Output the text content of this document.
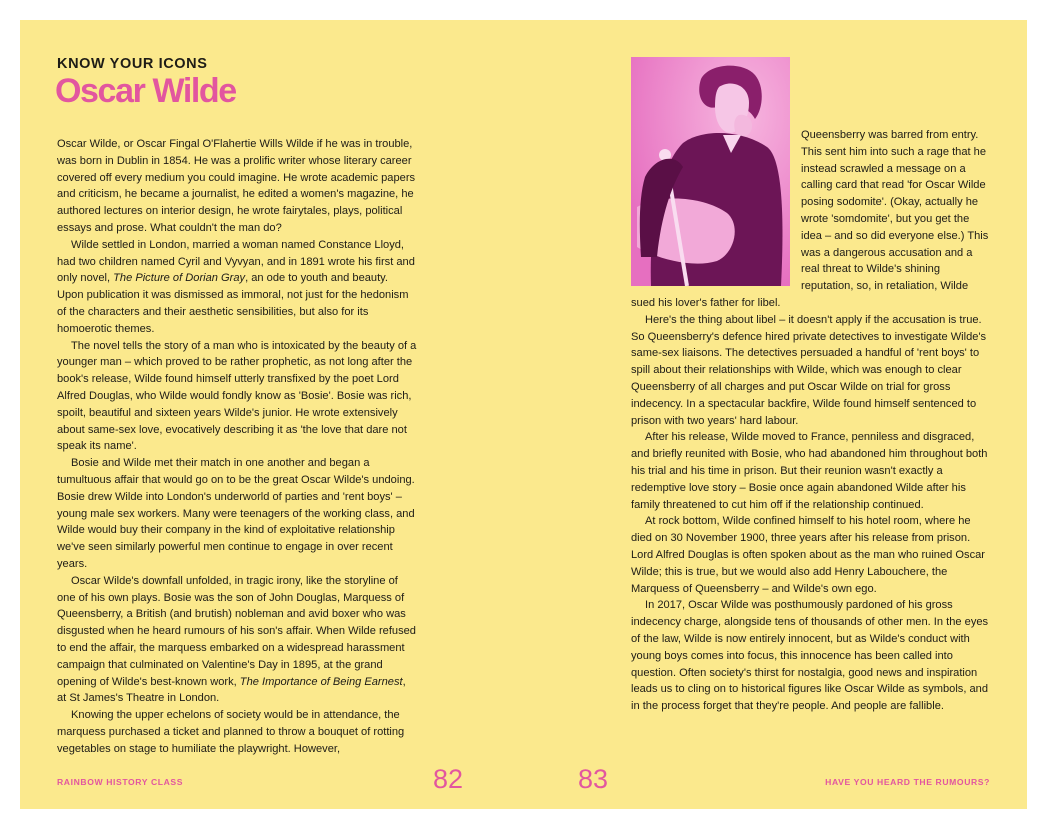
KNOW YOUR ICONS
Oscar Wilde

Oscar Wilde, or Oscar Fingal O'Flahertie Wills Wilde if he was in trouble, was born in Dublin in 1854. He was a prolific writer whose literary career covered off every medium you could imagine. He wrote academic papers and criticism, he became a journalist, he edited a women's magazine, he authored lectures on interior design, he wrote fairytales, plays, political essays and prose. What couldn't the man do?

Wilde settled in London, married a woman named Constance Lloyd, had two children named Cyril and Vyvyan, and in 1891 wrote his first and only novel, The Picture of Dorian Gray, an ode to youth and beauty. Upon publication it was dismissed as immoral, not just for the hedonism of the characters and their aesthetic sensibilities, but also for its homoerotic themes.

The novel tells the story of a man who is intoxicated by the beauty of a younger man – which proved to be rather prophetic, as not long after the book's release, Wilde found himself utterly transfixed by the poet Lord Alfred Douglas, who Wilde would fondly know as 'Bosie'. Bosie was rich, spoilt, beautiful and sixteen years Wilde's junior. He wrote extensively about same-sex love, evocatively describing it as 'the love that dare not speak its name'.

Bosie and Wilde met their match in one another and began a tumultuous affair that would go on to be the great Oscar Wilde's undoing. Bosie drew Wilde into London's underworld of parties and 'rent boys' – young male sex workers. Many were teenagers of the working class, and Wilde would buy their company in the kind of exploitative relationship we've seen similarly powerful men continue to engage in over recent years.

Oscar Wilde's downfall unfolded, in tragic irony, like the storyline of one of his own plays. Bosie was the son of John Douglas, Marquess of Queensberry, a British (and brutish) nobleman and avid boxer who was disgusted when he heard rumours of his son's affair. When Wilde refused to end the affair, the marquess embarked on a widespread harassment campaign that culminated on Valentine's Day in 1895, at the grand opening of Wilde's best-known work, The Importance of Being Earnest, at St James's Theatre in London.

Knowing the upper echelons of society would be in attendance, the marquess purchased a ticket and planned to throw a bouquet of rotting vegetables on stage to humiliate the playwright. However,

Queensberry was barred from entry. This sent him into such a rage that he instead scrawled a message on a calling card that read 'for Oscar Wilde posing sodomite'. (Okay, actually he wrote 'somdomite', but you get the idea – and so did everyone else.) This was a dangerous accusation and a real threat to Wilde's shining reputation, so, in retaliation, Wilde sued his lover's father for libel.

Here's the thing about libel – it doesn't apply if the accusation is true. So Queensberry's defence hired private detectives to investigate Wilde's same-sex liaisons. The detectives persuaded a handful of 'rent boys' to spill about their relationships with Wilde, which was enough to clear Queensberry of all charges and put Oscar Wilde on trial for gross indecency. In a spectacular backfire, Wilde found himself sentenced to prison with two years' hard labour.

After his release, Wilde moved to France, penniless and disgraced, and briefly reunited with Bosie, who had abandoned him throughout both his trial and his time in prison. But their reunion wasn't exactly a redemptive love story – Bosie once again abandoned Wilde after his family threatened to cut him off if the relationship continued.

At rock bottom, Wilde confined himself to his hotel room, where he died on 30 November 1900, three years after his release from prison. Lord Alfred Douglas is often spoken about as the man who ruined Oscar Wilde; this is true, but we would also add Henry Labouchere, the Marquess of Queensberry – and Wilde's own ego.

In 2017, Oscar Wilde was posthumously pardoned of his gross indecency charge, alongside tens of thousands of other men. In the eyes of the law, Wilde is now entirely innocent, but as Wilde's conduct with young boys comes into focus, this innocence has been called into question. Often society's thirst for nostalgia, good news and inspiration leads us to cling on to historical figures like Oscar Wilde as symbols, and in the process forget that they're people. And people are fallible.

RAINBOW HISTORY CLASS	82	83	HAVE YOU HEARD THE RUMOURS?
